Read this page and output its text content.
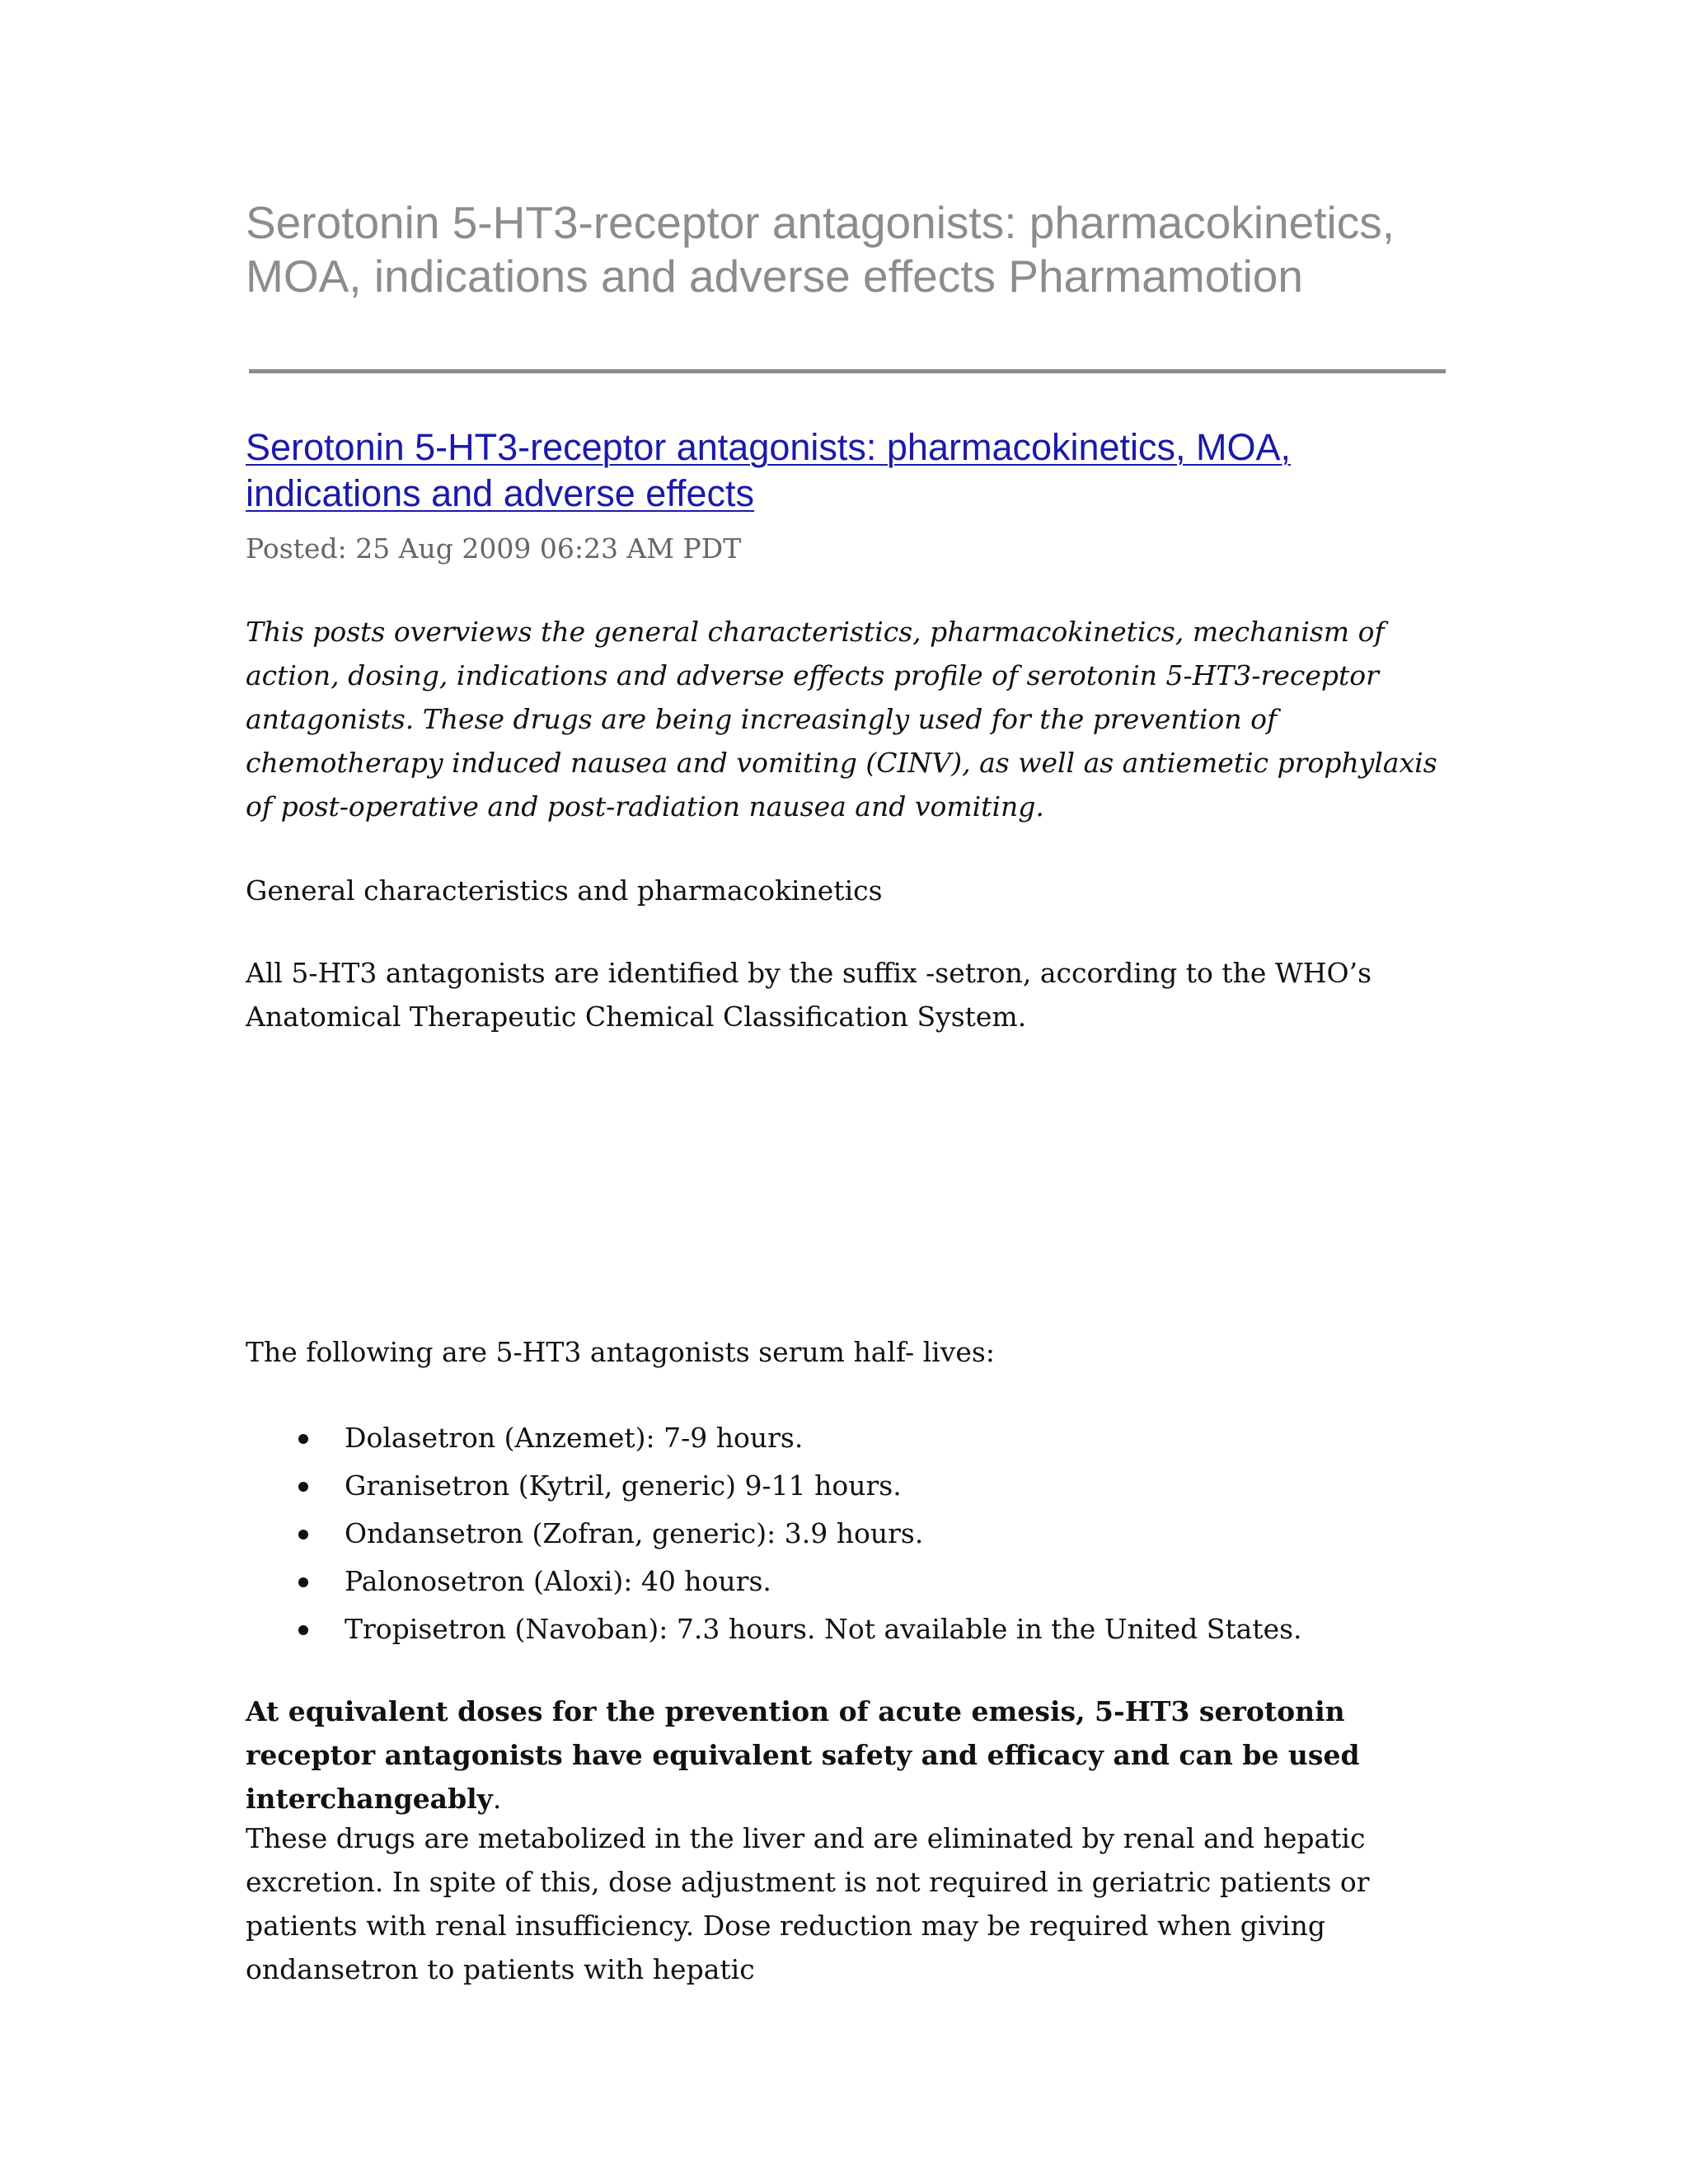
Serotonin 5-HT3-receptor antagonists: pharmacokinetics, MOA, indications and adverse effects Pharmamotion
Serotonin 5-HT3-receptor antagonists: pharmacokinetics, MOA, indications and adverse effects
Posted: 25 Aug 2009 06:23 AM PDT

This posts overviews the general characteristics, pharmacokinetics, mechanism of action, dosing, indications and adverse effects profile of serotonin 5-HT3-receptor antagonists. These drugs are being increasingly used for the prevention of chemotherapy induced nausea and vomiting (CINV), as well as antiemetic prophylaxis of post-operative and post-radiation nausea and vomiting.

General characteristics and pharmacokinetics

All 5-HT3 antagonists are identified by the suffix -setron, according to the WHO’s Anatomical Therapeutic Chemical Classification System.

The following are 5-HT3 antagonists serum half- lives:

Dolasetron (Anzemet): 7-9 hours.
Granisetron (Kytril, generic) 9-11 hours.
Ondansetron (Zofran, generic): 3.9 hours.
Palonosetron (Aloxi): 40 hours.
Tropisetron (Navoban): 7.3 hours. Not available in the United States.

At equivalent doses for the prevention of acute emesis, 5-HT3 serotonin receptor antagonists have equivalent safety and efficacy and can be used interchangeably.

These drugs are metabolized in the liver and are eliminated by renal and hepatic excretion. In spite of this, dose adjustment is not required in geriatric patients or patients with renal insufficiency. Dose reduction may be required when giving ondansetron to patients with hepatic
